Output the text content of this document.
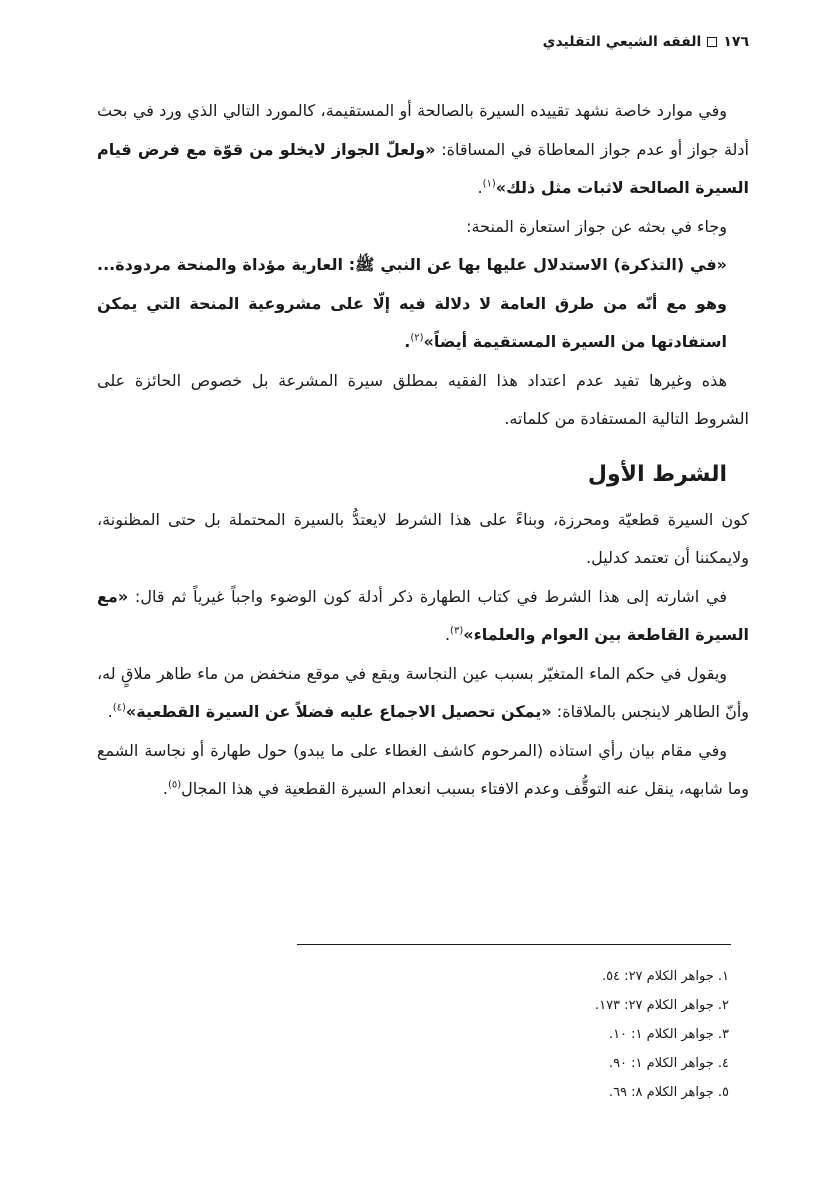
١٧٦
الفقه الشيعي التقليدي

وفي موارد خاصة نشهد تقييده السيرة بالصالحة أو المستقيمة، كالمورد التالي الذي ورد في بحث أدلة جواز أو عدم جواز المعاطاة في المساقاة: «ولعلّ الجواز لايخلو من قوّة مع فرض قيام السيرة الصالحة لاثبات مثل ذلك»$^{(١)}$.

وجاء في بحثه عن جواز استعارة المنحة:

«في (التذكرة) الاستدلال عليها بها عن النبي ﷺ: العارية مؤداة والمنحة مردودة... وهو مع أنّه من طرق العامة لا دلالة فيه إلّا على مشروعية المنحة التي يمكن استفادتها من السيرة المستقيمة أيضاً»$^{(٢)}$.

هذه وغيرها تفيد عدم اعتداد هذا الفقيه بمطلق سيرة المشرعة بل خصوص الحائزة على الشروط التالية المستفادة من كلماته.

الشرط الأول

كون السيرة قطعيّة ومحرزة، وبناءً على هذا الشرط لايعتدُّ بالسيرة المحتملة بل حتى المظنونة، ولايمكننا أن تعتمد كدليل.

في اشارته إلى هذا الشرط في كتاب الطهارة ذكر أدلة كون الوضوء واجباً غيرياً ثم قال: «مع السيرة القاطعة بين العوام والعلماء»$^{(٣)}$.

ويقول في حكم الماء المتغيّر بسبب عين النجاسة ويقع في موقع منخفض من ماء طاهر ملاقٍ له، وأنّ الطاهر لاينجس بالملاقاة: «يمكن تحصيل الاجماع عليه فضلاً عن السيرة القطعية»$^{(٤)}$.

وفي مقام بيان رأي استاذه (المرحوم كاشف الغطاء على ما يبدو) حول طهارة أو نجاسة الشمع وما شابهه، ينقل عنه التوقُّف وعدم الافتاء بسبب انعدام السيرة القطعية في هذا المجال$^{(٥)}$.

١. جواهر الكلام ٢٧: ٥٤.
٢. جواهر الكلام ٢٧: ١٧٣.
٣. جواهر الكلام ١: ١٠.
٤. جواهر الكلام ١: ٩٠.
٥. جواهر الكلام ٨: ٦٩.
